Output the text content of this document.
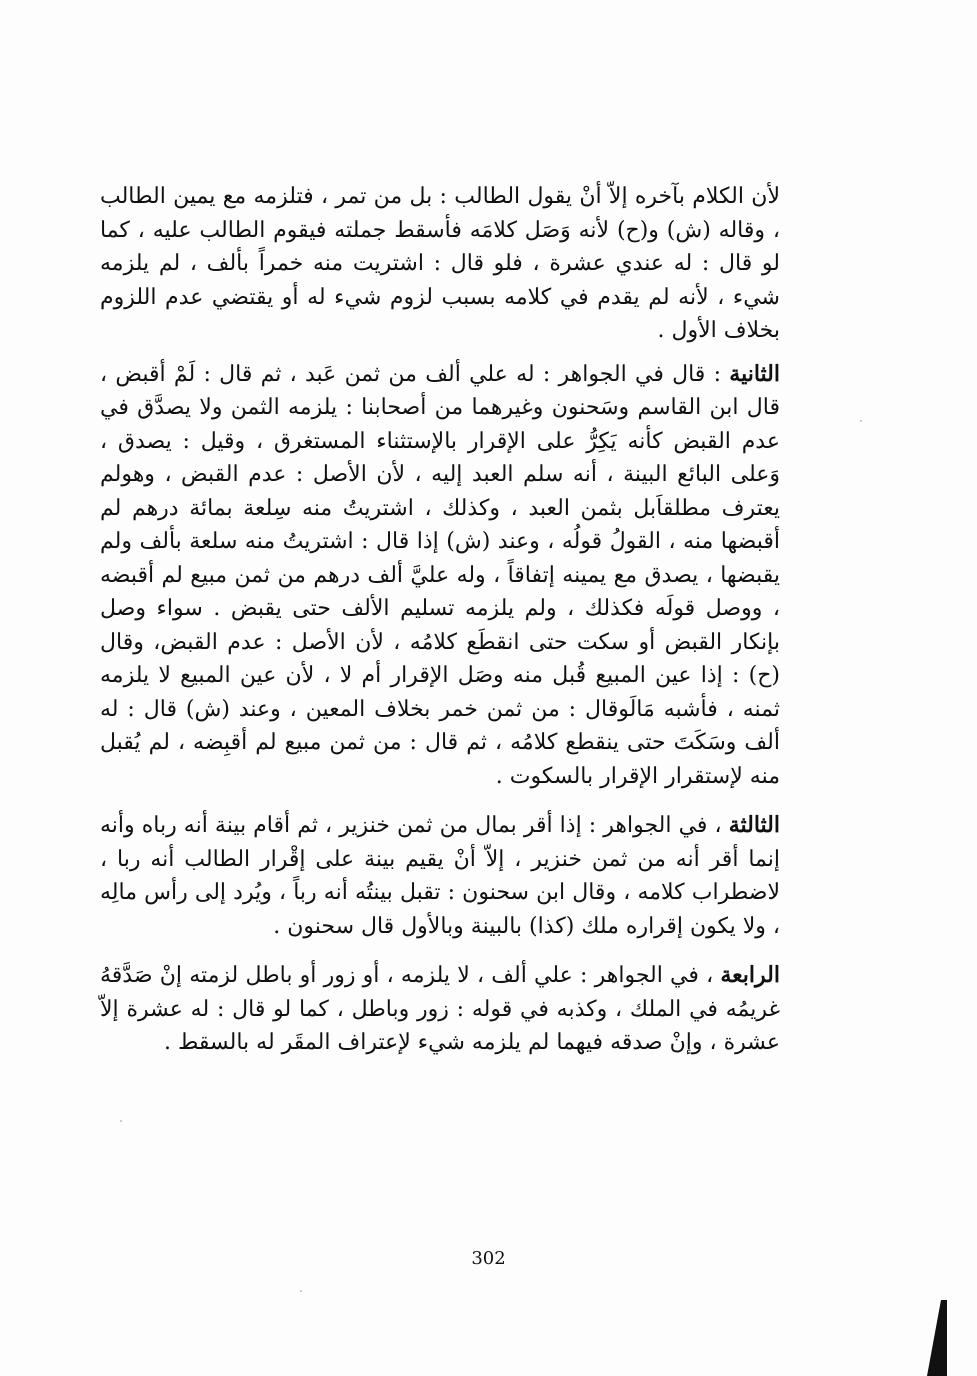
لأن الكلام بآخره إلاّ أنْ يقول الطالب : بل من تمر ، فتلزمه مع يمين الطالب ، وقاله (ش) و(ح) لأنه وَصَل كلامَه فأسقط جملته فيقوم الطالب عليه ، كما لو قال : له عندي عشرة ، فلو قال : اشتريت منه خمراً بألف ، لم يلزمه شيء ، لأنه لم يقدم في كلامه بسبب لزوم شيء له أو يقتضي عدم اللزوم بخلاف الأول .
الثانية : قال في الجواهر : له علي ألف من ثمن عَبد ، ثم قال : لَمْ أقبض ، قال ابن القاسم وسَحنون وغيرهما من أصحابنا : يلزمه الثمن ولا يصدَّق في عدم القبض كأنه يَكِرُّ على الإقرار بالإستثناء المستغرق ، وقيل : يصدق ، وَعلى البائع البينة ، أنه سلم العبد إليه ، لأن الأصل : عدم القبض ، وهولم يعترف مطلقاَبل بثمن العبد ، وكذلك ، اشتريتُ منه سِلعة بمائة درهم لم أقبضها منه ، القولُ قولُه ، وعند (ش) إذا قال : اشتريتُ منه سلعة بألف ولم يقبضها ، يصدق مع يمينه إتفاقاً ، وله عليَّ ألف درهم من ثمن مبيع لم أقبضه ، ووصل قولَه فكذلك ، ولم يلزمه تسليم الألف حتى يقبض . سواء وصل بإنكار القبض أو سكت حتى انقطَع كلامُه ، لأن الأصل : عدم القبض، وقال (ح) : إذا عين المبيع قُبل منه وصَل الإقرار أم لا ، لأن عين المبيع لا يلزمه ثمنه ، فأشبه مَالَوقال : من ثمن خمر بخلاف المعين ، وعند (ش) قال : له ألف وسَكَتَ حتى ينقطع كلامُه ، ثم قال : من ثمن مبيع لم أقبِضه ، لم يُقبل منه لإستقرار الإقرار بالسكوت .
الثالثة ، في الجواهر : إذا أقر بمال من ثمن خنزير ، ثم أقام بينة أنه رباه وأنه إنما أقر أنه من ثمن خنزير ، إلاّ أنْ يقيم بينة على إقْرار الطالب أنه ربا ، لاضطراب كلامه ، وقال ابن سحنون : تقبل بينتُه أنه رباً ، ويُرد إلى رأس مالِه ، ولا يكون إقراره ملك (كذا) بالبينة وبالأول قال سحنون .
الرابعة ، في الجواهر : علي ألف ، لا يلزمه ، أو زور أو باطل لزمته إنْ صَدَّقهُ غريمُه في الملك ، وكذبه في قوله : زور وباطل ، كما لو قال : له عشرة إلاّ عشرة ، وإنْ صدقه فيهما لم يلزمه شيء لإعتراف المقَر له بالسقط .
302
